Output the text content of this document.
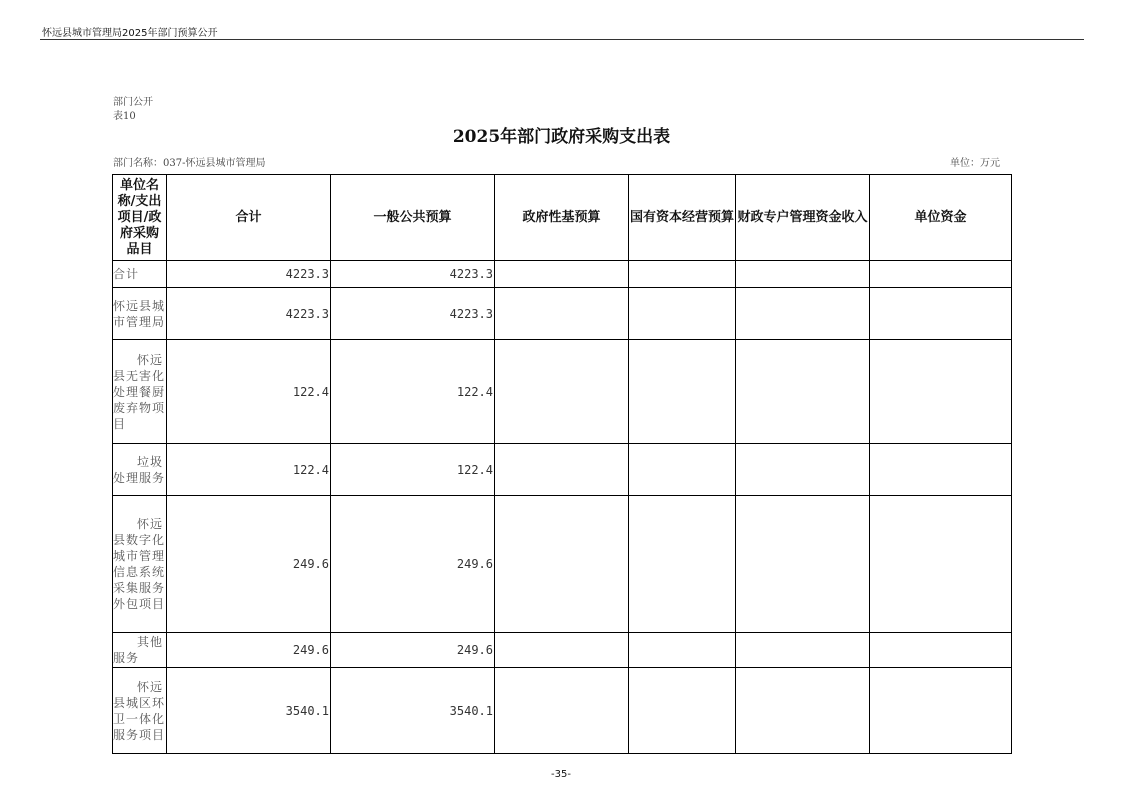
怀远县城市管理局2025年部门预算公开
部门公开
表10
2025年部门政府采购支出表
部门名称：037-怀远县城市管理局	单位：万元
单位名称/支出项目/政府采购品目	合计	一般公共预算	政府性基预算	国有资本经营预算	财政专户管理资金收入	单位资金
合计	4223.3	4223.3				
怀远县城市管理局	4223.3	4223.3				
怀远县无害化处理餐厨废弃物项目	122.4	122.4				
垃圾处理服务	122.4	122.4				
怀远县数字化城市管理信息系统采集服务外包项目	249.6	249.6				
其他服务	249.6	249.6				
怀远县城区环卫一体化服务项目	3540.1	3540.1				
-35-
